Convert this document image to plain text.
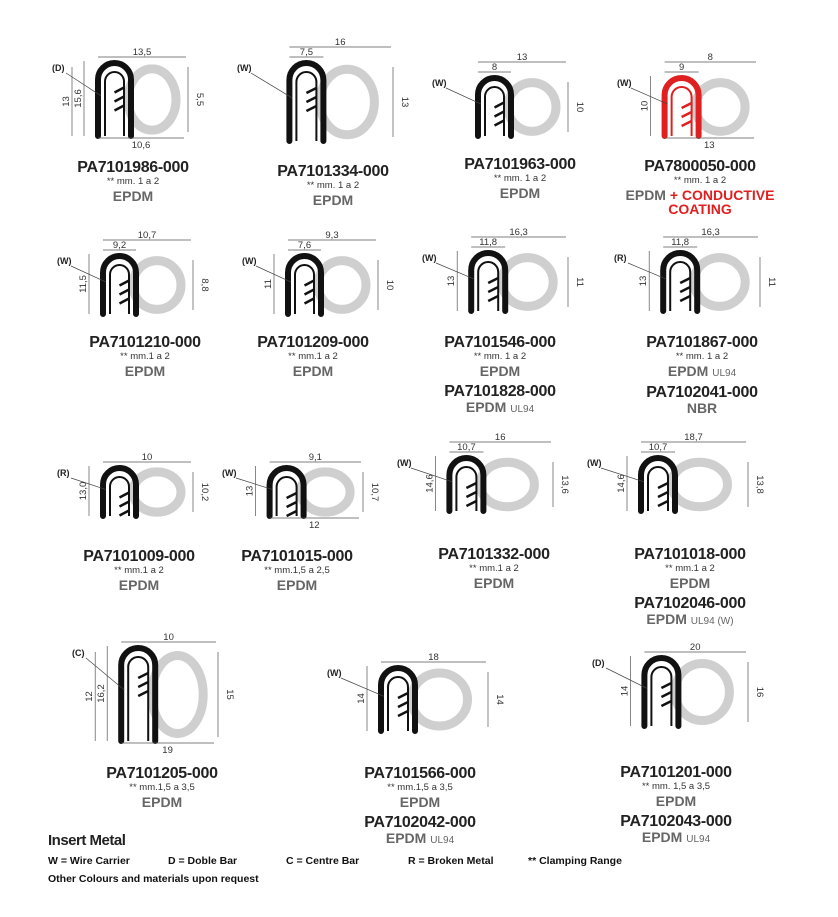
(D)
13,5
15,6
13	5,5
10,6
PA7101986-000
** mm. 1 a 2
EPDM
(W)
16
7,5
13
PA7101334-000
** mm. 1 a 2
EPDM
(W)
13
8
10
PA7101963-000
** mm. 1 a 2
EPDM
(W)
8
9
10
13
PA7800050-000
** mm. 1 a 2
EPDM + CONDUCTIVE
COATING
(W)
10,7
9,2
11,5	8,8
PA7101210-000
** mm.1 a 2
EPDM
(W)
9,3
7,6
11	10
PA7101209-000
** mm.1 a 2
EPDM
(W)
16,3
11,8
13	11
PA7101546-000
** mm. 1 a 2
EPDM
PA7101828-000
EPDM UL94
(R)
16,3
11,8
13	11
PA7101867-000
** mm. 1 a 2
EPDM UL94
PA7102041-000
NBR
(R)
10
13,0	10,2
PA7101009-000
** mm.1 a 2
EPDM
(W)
9,1
13	10,7
12
PA7101015-000
** mm.1,5 a 2,5
EPDM
(W)
16
10,7
14,6	13,6
PA7101332-000
** mm.1 a 2
EPDM
(W)
18,7
10,7
14,6	13,8
PA7101018-000
** mm.1 a 2
EPDM
PA7102046-000
EPDM UL94 (W)
(C)
10
16,2
12	15
19
PA7101205-000
** mm.1,5 a 3,5
EPDM
(W)
18
14	14
PA7101566-000
** mm.1,5 a 3,5
EPDM
PA7102042-000
EPDM UL94
(D)
20
14	16
PA7101201-000
** mm. 1,5 a 3,5
EPDM
PA7102043-000
EPDM UL94
Insert Metal
W = Wire Carrier	D = Doble Bar	C = Centre Bar	R = Broken Metal	** Clamping Range
Other Colours and materials upon request
